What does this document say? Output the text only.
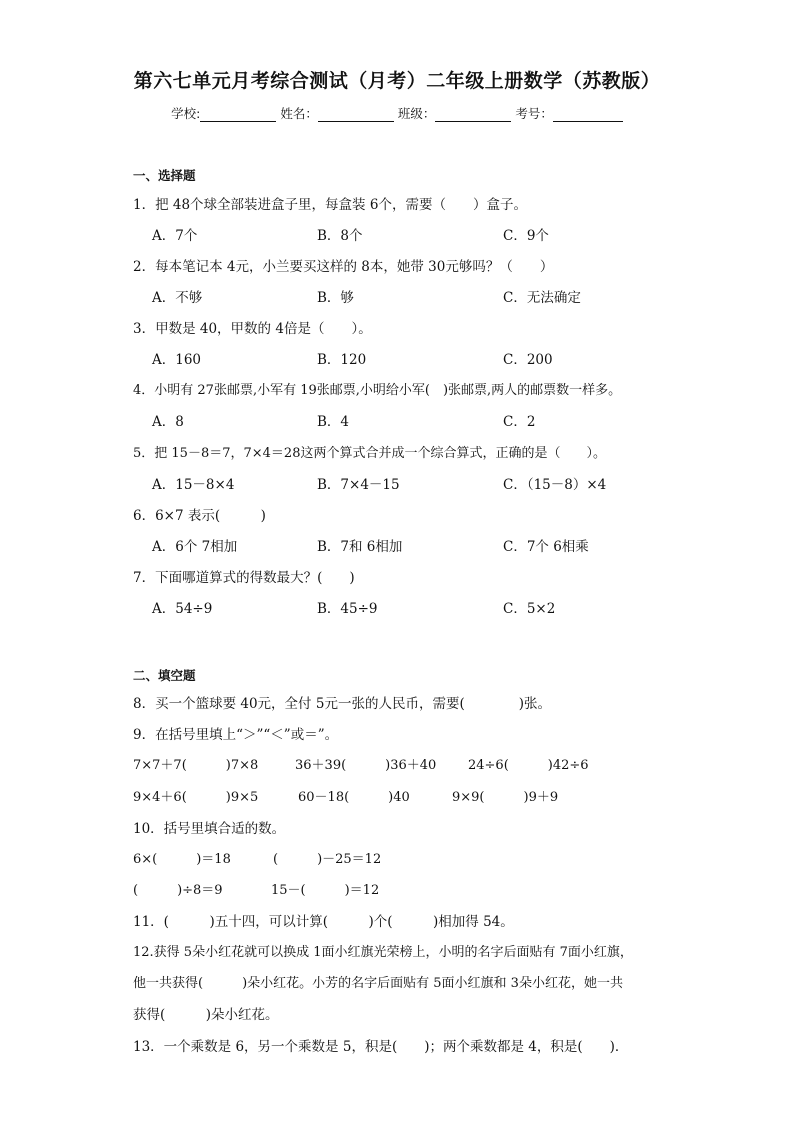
第六七单元月考综合测试（月考）二年级上册数学（苏教版）
学校:	姓名：	班级：	考号：
一、选择题
1．把 48个球全部装进盒子里，每盒装 6个，需要（　　）盒子。
A．7个	B．8个	C．9个
2．每本笔记本 4元，小兰要买这样的 8本，她带 30元够吗？（　　）
A．不够	B．够	C．无法确定
3．甲数是 40，甲数的 4倍是（　　）。
A．160	B．120	C．200
4．小明有 27张邮票,小军有 19张邮票,小明给小军(　)张邮票,两人的邮票数一样多。
A．8	B．4	C．2
5．把 15－8＝7，7×4＝28这两个算式合并成一个综合算式，正确的是（　　）。
A．15－8×4	B．7×4－15	C．（15－8）×4
6．6×7 表示(　　　)
A．6个 7相加	B．7和 6相加	C．7个 6相乘
7．下面哪道算式的得数最大？(　　)
A．54÷9	B．45÷9	C．5×2
二、填空题
8．买一个篮球要 40元，全付 5元一张的人民币，需要(　　　　)张。
9．在括号里填上“＞”“＜”或＝”。
7×7＋7(　　　)7×8	36＋39(　　　)36＋40 24÷6(　　　)42÷6
9×4＋6(　　　)9×5	60－18(　　　)40	9×9(　　　)9＋9
10．括号里填合适的数。
6×(　　　)＝18	(　　　)－25＝12
(　　　)÷8＝9	15－(　　　)＝12
11．(　　　)五十四，可以计算(　　　)个(　　　)相加得 54。
12.获得 5朵小红花就可以换成 1面小红旗光荣榜上，小明的名字后面贴有 7面小红旗，
他一共获得(　　　)朵小红花。小芳的名字后面贴有 5面小红旗和 3朵小红花，她一共
获得(　　　)朵小红花。
13．一个乘数是 6，另一个乘数是 5，积是(　　)；两个乘数都是 4，积是(　　)．
